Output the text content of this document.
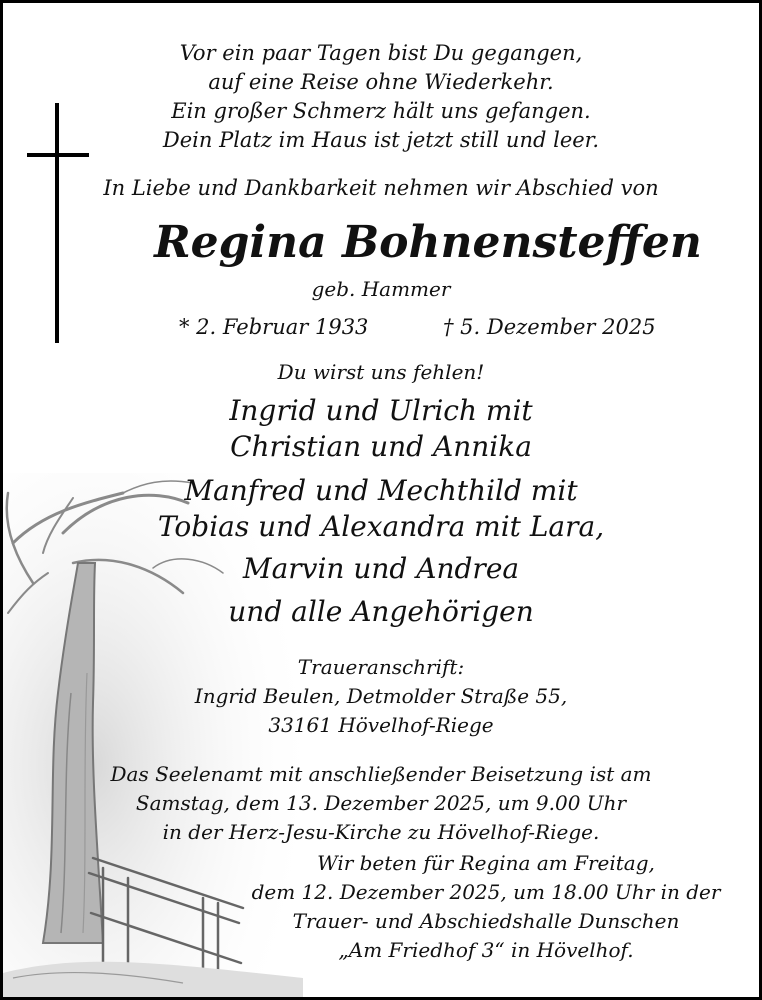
Vor ein paar Tagen bist Du gegangen,
auf eine Reise ohne Wiederkehr.
Ein großer Schmerz hält uns gefangen.
Dein Platz im Haus ist jetzt still und leer.
In Liebe und Dankbarkeit nehmen wir Abschied von
Regina Bohnensteffen
geb. Hammer
* 2. Februar 1933	† 5. Dezember 2025
Du wirst uns fehlen!
Ingrid und Ulrich mit
Christian und Annika
Manfred und Mechthild mit
Tobias und Alexandra mit Lara,
Marvin und Andrea
und alle Angehörigen
Traueranschrift:
Ingrid Beulen, Detmolder Straße 55,
33161 Hövelhof-Riege
Das Seelenamt mit anschließender Beisetzung ist am
Samstag, dem 13. Dezember 2025, um 9.00 Uhr
in der Herz-Jesu-Kirche zu Hövelhof-Riege.
Wir beten für Regina am Freitag,
dem 12. Dezember 2025, um 18.00 Uhr in der
Trauer- und Abschiedshalle Dunschen
„Am Friedhof 3“ in Hövelhof.
